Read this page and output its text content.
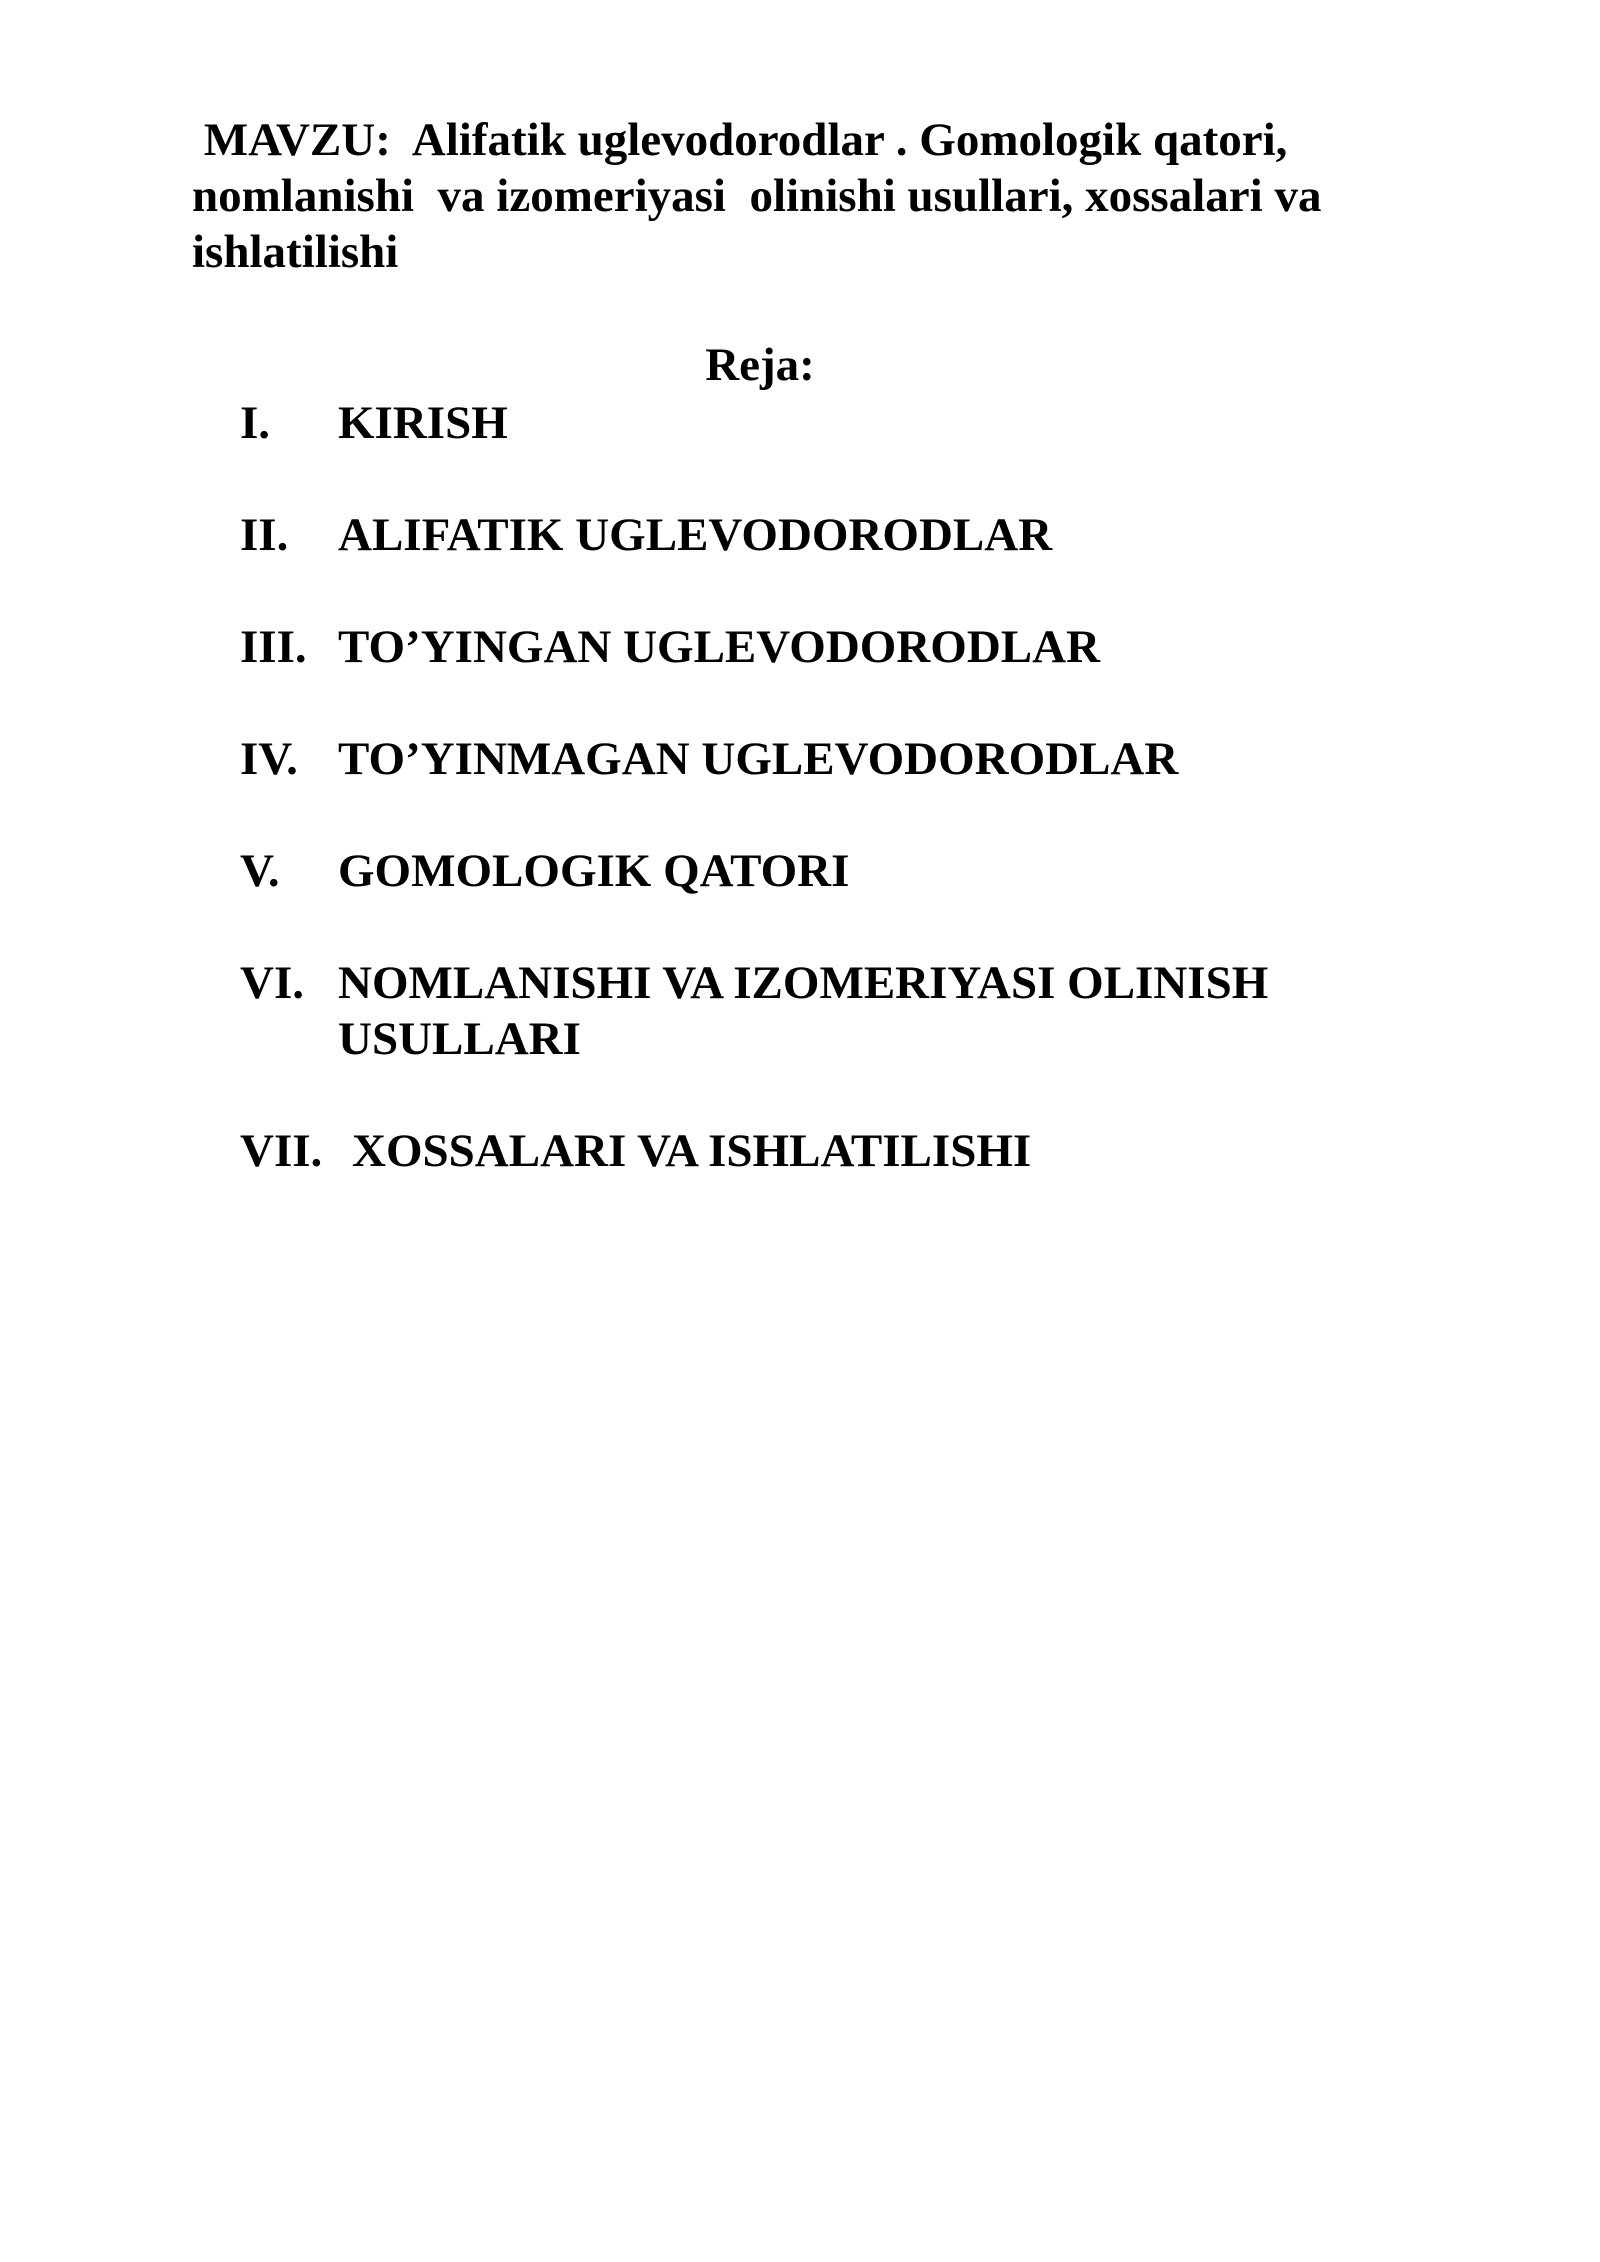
MAVZU:  Alifatik uglevodorodlar . Gomologik qatori, nomlanishi  va izomeriyasi  olinishi usullari, xossalari va ishlatilishi

Reja:

I. KIRISH
II. ALIFATIK UGLEVODORODLAR
III. TO’YINGAN UGLEVODORODLAR
IV. TO’YINMAGAN UGLEVODORODLAR
V. GOMOLOGIK QATORI
VI. NOMLANISHI VA IZOMERIYASI OLINISH USULLARI
VII. XOSSALARI VA ISHLATILISHI
